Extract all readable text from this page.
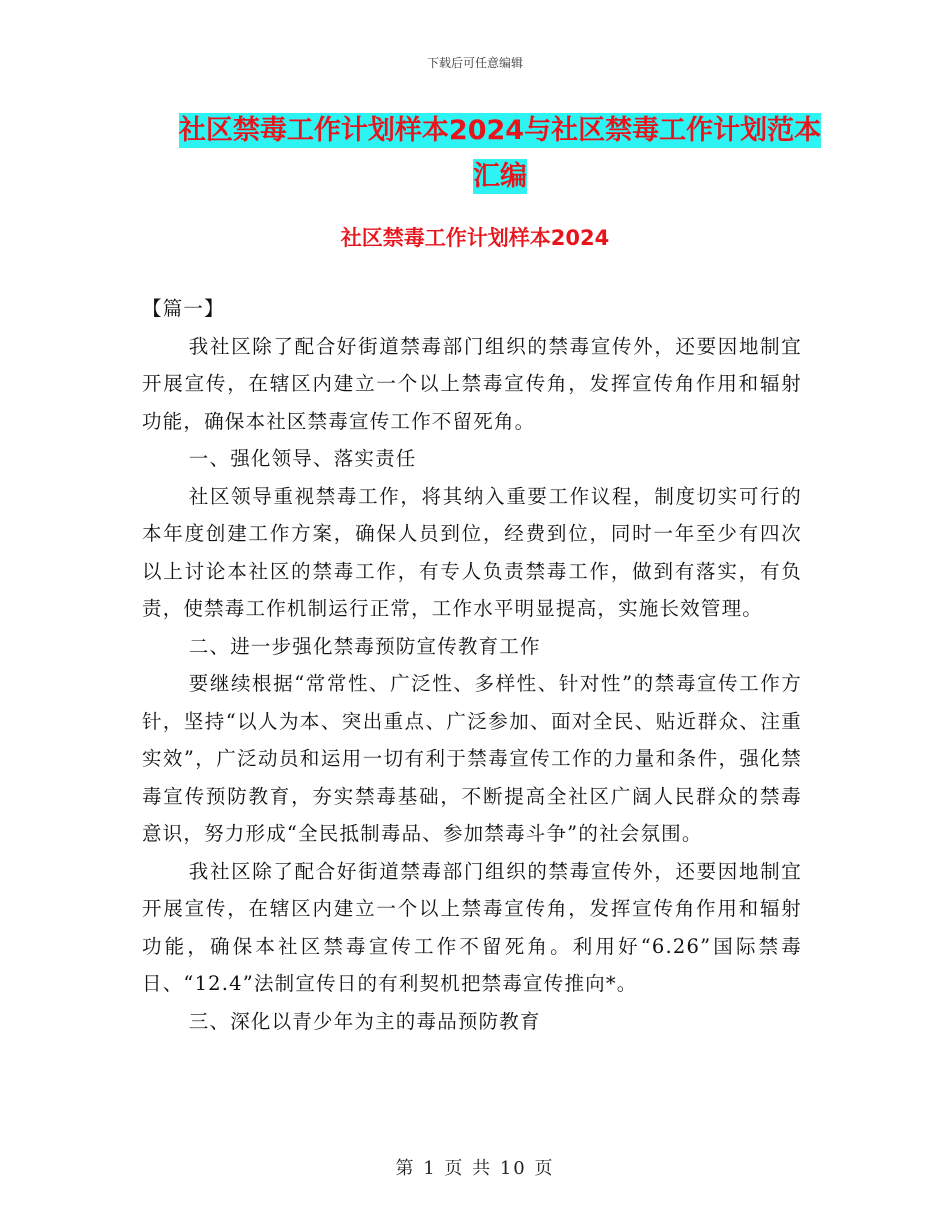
下载后可任意编辑
社区禁毒工作计划样本2024与社区禁毒工作计划范本
汇编
社区禁毒工作计划样本2024

【篇一】

我社区除了配合好街道禁毒部门组织的禁毒宣传外，还要因地制宜开展宣传，在辖区内建立一个以上禁毒宣传角，发挥宣传角作用和辐射功能，确保本社区禁毒宣传工作不留死角。

一、强化领导、落实责任

社区领导重视禁毒工作，将其纳入重要工作议程，制度切实可行的本年度创建工作方案，确保人员到位，经费到位，同时一年至少有四次以上讨论本社区的禁毒工作，有专人负责禁毒工作，做到有落实，有负责，使禁毒工作机制运行正常，工作水平明显提高，实施长效管理。

二、进一步强化禁毒预防宣传教育工作

要继续根据“常常性、广泛性、多样性、针对性”的禁毒宣传工作方针，坚持“以人为本、突出重点、广泛参加、面对全民、贴近群众、注重实效”，广泛动员和运用一切有利于禁毒宣传工作的力量和条件，强化禁毒宣传预防教育，夯实禁毒基础，不断提高全社区广阔人民群众的禁毒意识，努力形成“全民抵制毒品、参加禁毒斗争”的社会氛围。

我社区除了配合好街道禁毒部门组织的禁毒宣传外，还要因地制宜开展宣传，在辖区内建立一个以上禁毒宣传角，发挥宣传角作用和辐射功能，确保本社区禁毒宣传工作不留死角。利用好“6.26”国际禁毒日、“12.4”法制宣传日的有利契机把禁毒宣传推向*。

三、深化以青少年为主的毒品预防教育

第 1 页 共 10 页
